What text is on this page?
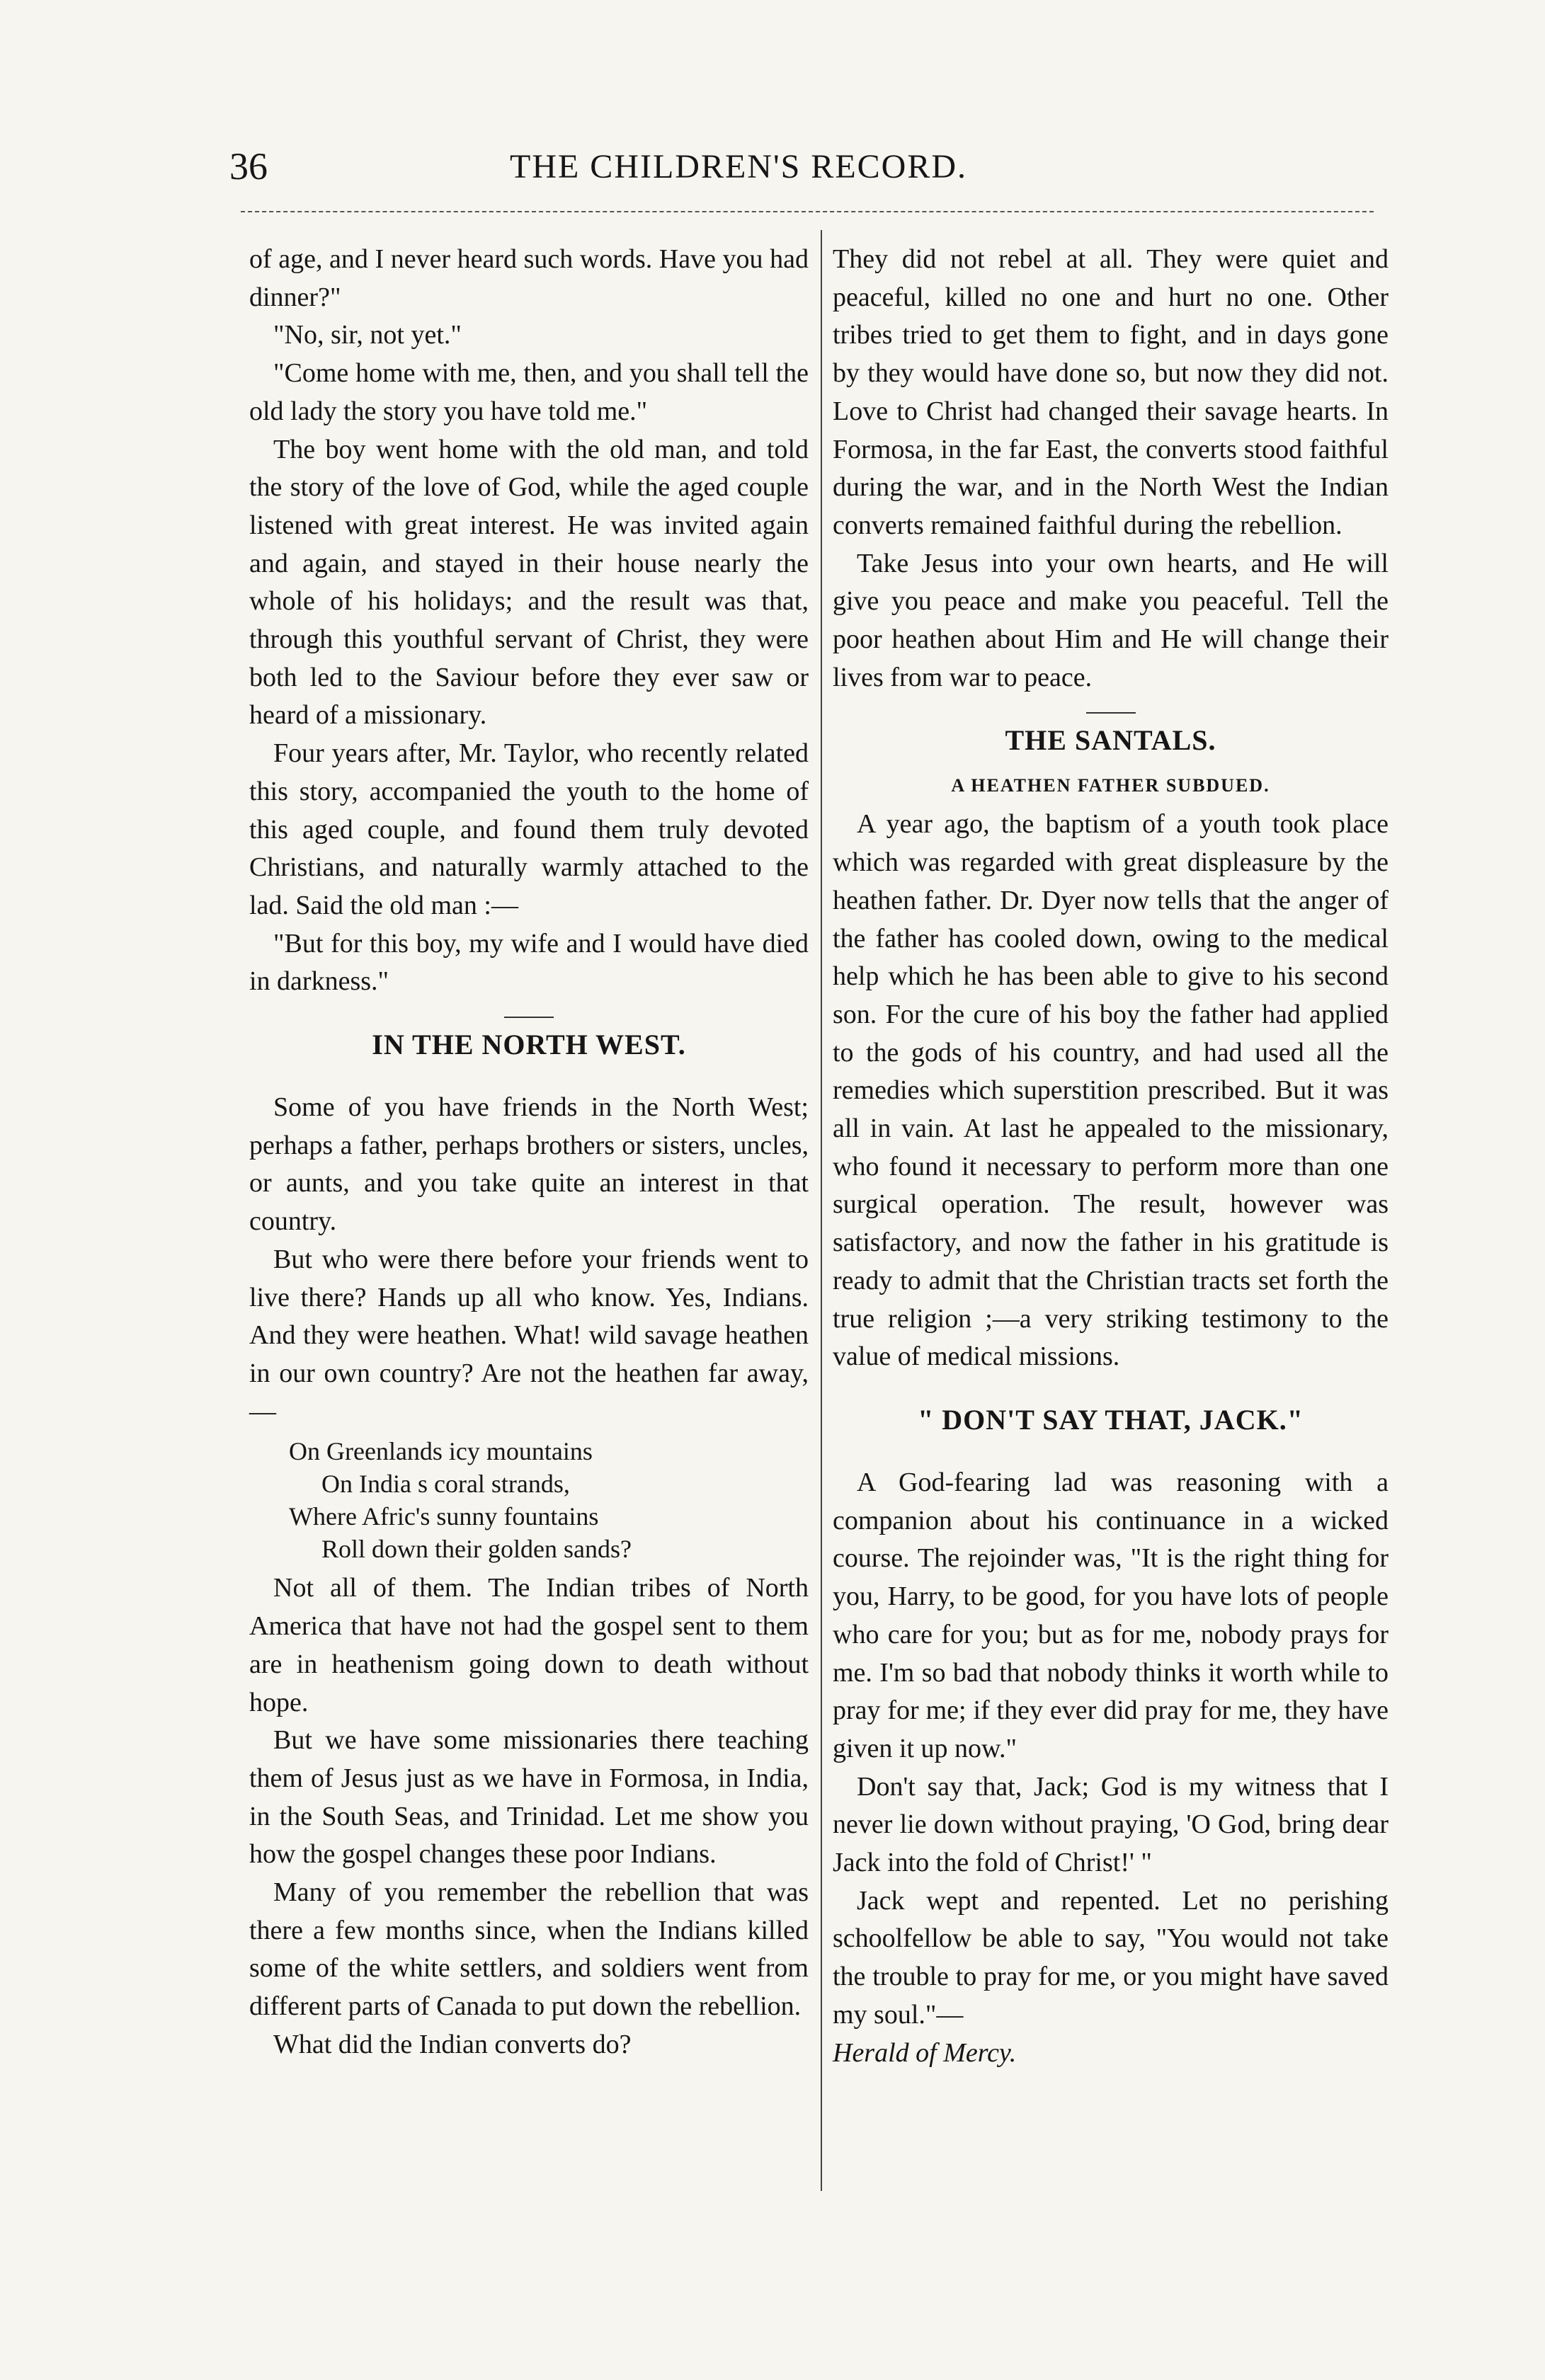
36	THE CHILDREN'S RECORD.

of age, and I never heard such words. Have you had dinner?"

"No, sir, not yet."

"Come home with me, then, and you shall tell the old lady the story you have told me."

The boy went home with the old man, and told the story of the love of God, while the aged couple listened with great interest. He was invited again and again, and stayed in their house nearly the whole of his holidays; and the result was that, through this youthful servant of Christ, they were both led to the Saviour before they ever saw or heard of a missionary.

Four years after, Mr. Taylor, who recently related this story, accompanied the youth to the home of this aged couple, and found them truly devoted Christians, and naturally warmly attached to the lad. Said the old man :—

"But for this boy, my wife and I would have died in darkness."

IN THE NORTH WEST.

Some of you have friends in the North West; perhaps a father, perhaps brothers or sisters, uncles, or aunts, and you take quite an interest in that country.

But who were there before your friends went to live there? Hands up all who know. Yes, Indians. And they were heathen. What! wild savage heathen in our own country? Are not the heathen far away,—

On Greenlands icy mountains
On India s coral strands,
Where Afric's sunny fountains
Roll down their golden sands?

Not all of them. The Indian tribes of North America that have not had the gospel sent to them are in heathenism going down to death without hope.

But we have some missionaries there teaching them of Jesus just as we have in Formosa, in India, in the South Seas, and Trinidad. Let me show you how the gospel changes these poor Indians.

Many of you remember the rebellion that was there a few months since, when the Indians killed some of the white settlers, and soldiers went from different parts of Canada to put down the rebellion.

What did the Indian converts do?

They did not rebel at all. They were quiet and peaceful, killed no one and hurt no one. Other tribes tried to get them to fight, and in days gone by they would have done so, but now they did not. Love to Christ had changed their savage hearts. In Formosa, in the far East, the converts stood faithful during the war, and in the North West the Indian converts remained faithful during the rebellion.

Take Jesus into your own hearts, and He will give you peace and make you peaceful. Tell the poor heathen about Him and He will change their lives from war to peace.

THE SANTALS.
A HEATHEN FATHER SUBDUED.

A year ago, the baptism of a youth took place which was regarded with great displeasure by the heathen father. Dr. Dyer now tells that the anger of the father has cooled down, owing to the medical help which he has been able to give to his second son. For the cure of his boy the father had applied to the gods of his country, and had used all the remedies which superstition prescribed. But it was all in vain. At last he appealed to the missionary, who found it necessary to perform more than one surgical operation. The result, however was satisfactory, and now the father in his gratitude is ready to admit that the Christian tracts set forth the true religion ;—a very striking testimony to the value of medical missions.

" DON'T SAY THAT, JACK."

A God-fearing lad was reasoning with a companion about his continuance in a wicked course. The rejoinder was, "It is the right thing for you, Harry, to be good, for you have lots of people who care for you; but as for me, nobody prays for me. I'm so bad that nobody thinks it worth while to pray for me; if they ever did pray for me, they have given it up now."

Don't say that, Jack; God is my witness that I never lie down without praying, 'O God, bring dear Jack into the fold of Christ!' "

Jack wept and repented. Let no perishing schoolfellow be able to say, "You would not take the trouble to pray for me, or you might have saved my soul."—

Herald of Mercy.
